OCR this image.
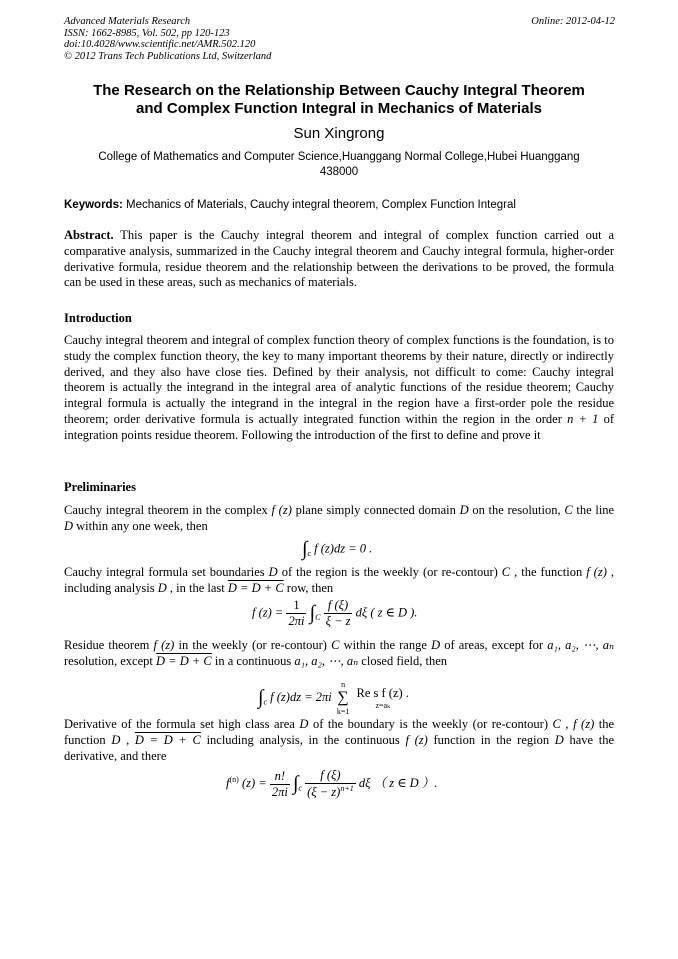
Advanced Materials Research
ISSN: 1662-8985, Vol. 502, pp 120-123
doi:10.4028/www.scientific.net/AMR.502.120
© 2012 Trans Tech Publications Ltd, Switzerland
Online: 2012-04-12
The Research on the Relationship Between Cauchy Integral Theorem
and Complex Function Integral in Mechanics of Materials
Sun Xingrong
College of Mathematics and Computer Science,Huanggang Normal College,Hubei Huanggang
438000
Keywords: Mechanics of Materials, Cauchy integral theorem, Complex Function Integral
Abstract. This paper is the Cauchy integral theorem and integral of complex function carried out a comparative analysis, summarized in the Cauchy integral theorem and Cauchy integral formula, higher-order derivative formula, residue theorem and the relationship between the derivations to be proved, the formula can be used in these areas, such as mechanics of materials.
Introduction
Cauchy integral theorem and integral of complex function theory of complex functions is the foundation, is to study the complex function theory, the key to many important theorems by their nature, directly or indirectly derived, and they also have close ties. Defined by their analysis, not difficult to come: Cauchy integral theorem is actually the integrand in the integral area of analytic functions of the residue theorem; Cauchy integral formula is actually the integrand in the integral in the region have a first-order pole the residue theorem; order derivative formula is actually integrated function within the region in the order n + 1 of integration points residue theorem. Following the introduction of the first to define and prove it
Preliminaries
Cauchy integral theorem in the complex f (z) plane simply connected domain D on the resolution, C the line D within any one week, then
$\int_c$ f (z)dz = 0 .
Cauchy integral formula set boundaries D of the region is the weekly (or re-contour) C , the function f (z) , including analysis D , in the last D = D + C row, then
f $(z) = \frac{1}{2\pi i} \int_C \frac{f (\xi)}{\xi - z}$ dξ ( z ∈ D ).
Residue theorem f (z) in the weekly (or re-contour) C within the range D of areas, except for a₁, a₂, ⋯, aₙ resolution, except D = D + C in a continuous a₁, a₂, ⋯, aₙ closed field, then
$\int_c$ f (z)dz = 2πi
n
∑
k=1

Re s f (z) .
z=aₖ
Derivative of the formula set high class area D of the boundary is the weekly (or re-contour) C , f (z) the function D , D = D + C including analysis, in the continuous f (z) function in the region D have the derivative, and there
$f^{(n)}$ $(z) = \frac{n!}{2\pi i} \int_c \frac{f (\xi)}{(\xi - z)^{n+1}}$ dξ （ z ∈ D ）.
